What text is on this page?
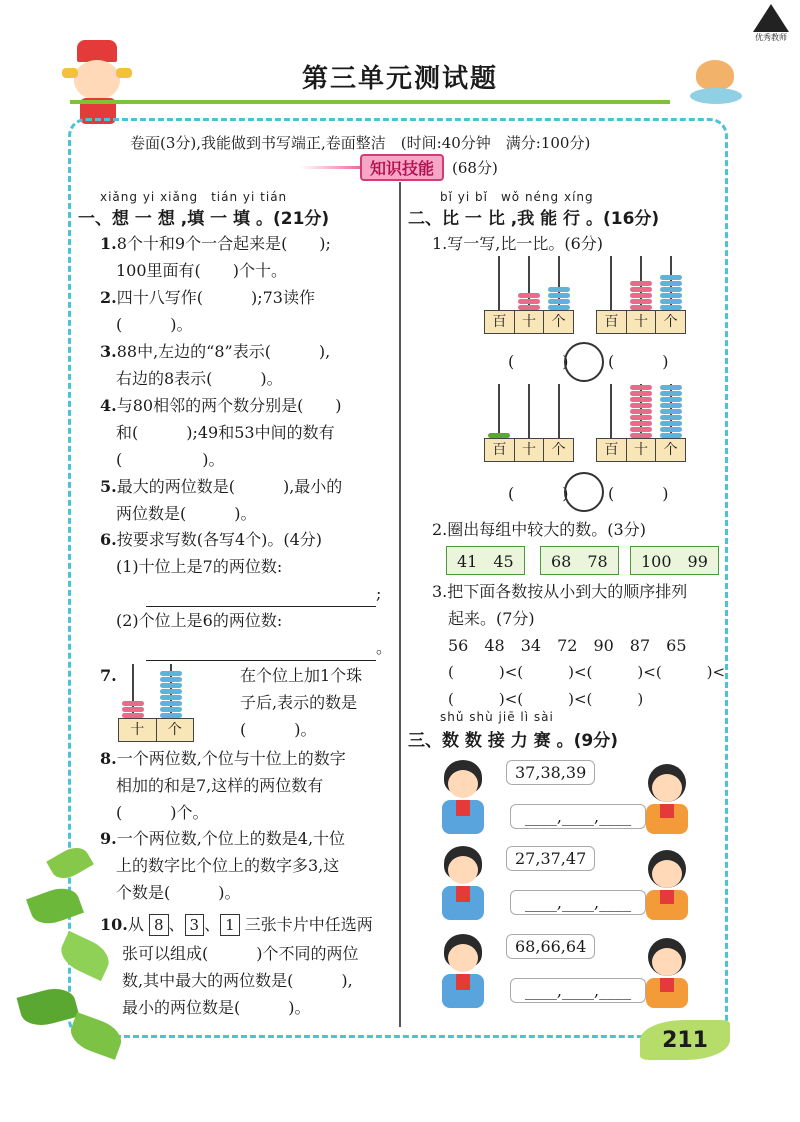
优秀教师
第三单元测试题
卷面(3分),我能做到书写端正,卷面整洁　(时间:40分钟　满分:100分)
知识技能	(68分)
xiǎng yi xiǎng　tián yi tián
一、想 一 想 ,填 一 填 。(21分)
1.8个十和9个一合起来是(　　);
100里面有(　　)个十。
2.四十八写作(　　　);73读作
(　　　)。
3.88中,左边的“8”表示(　　　),
右边的8表示(　　　)。
4.与80相邻的两个数分别是(　　)
和(　　　);49和53中间的数有
(　　　　　)。
5.最大的两位数是(　　　),最小的
两位数是(　　　)。
6.按要求写数(各写4个)。(4分)
(1)十位上是7的两位数:
;
(2)个位上是6的两位数:
。
7.
十	个
在个位上加1个珠
子后,表示的数是
(　　　)。
8.一个两位数,个位与十位上的数字
相加的和是7,这样的两位数有
(　　　)个。
9.一个两位数,个位上的数是4,十位
上的数字比个位上的数字多3,这
个数是(　　　)。
10.从 8 、 3 、 1 三张卡片中任选两
张可以组成(　　　)个不同的两位
数,其中最大的两位数是(　　　),
最小的两位数是(　　　)。
bǐ yi bǐ　wǒ néng xíng
二、比 一 比 ,我 能 行 。(16分)
1.写一写,比一比。(6分)
百	十	个	百	十	个
百	十	个	百	十	个
(　　　) (　　　)
(　　　) (　　　)
2.圈出每组中较大的数。(3分)
41　45	68　78	100　99
3.把下面各数按从小到大的顺序排列
起来。(7分)
56　48　34　72　90　87　65
(　　　)<(　　　)<(　　　)<(　　　)<
(　　　)<(　　　)<(　　　)
shǔ shù jiē lì sài
三、数 数 接 力 赛 。(9分)
37,38,39
____,____,____
27,37,47
____,____,____
68,66,64
____,____,____
211
